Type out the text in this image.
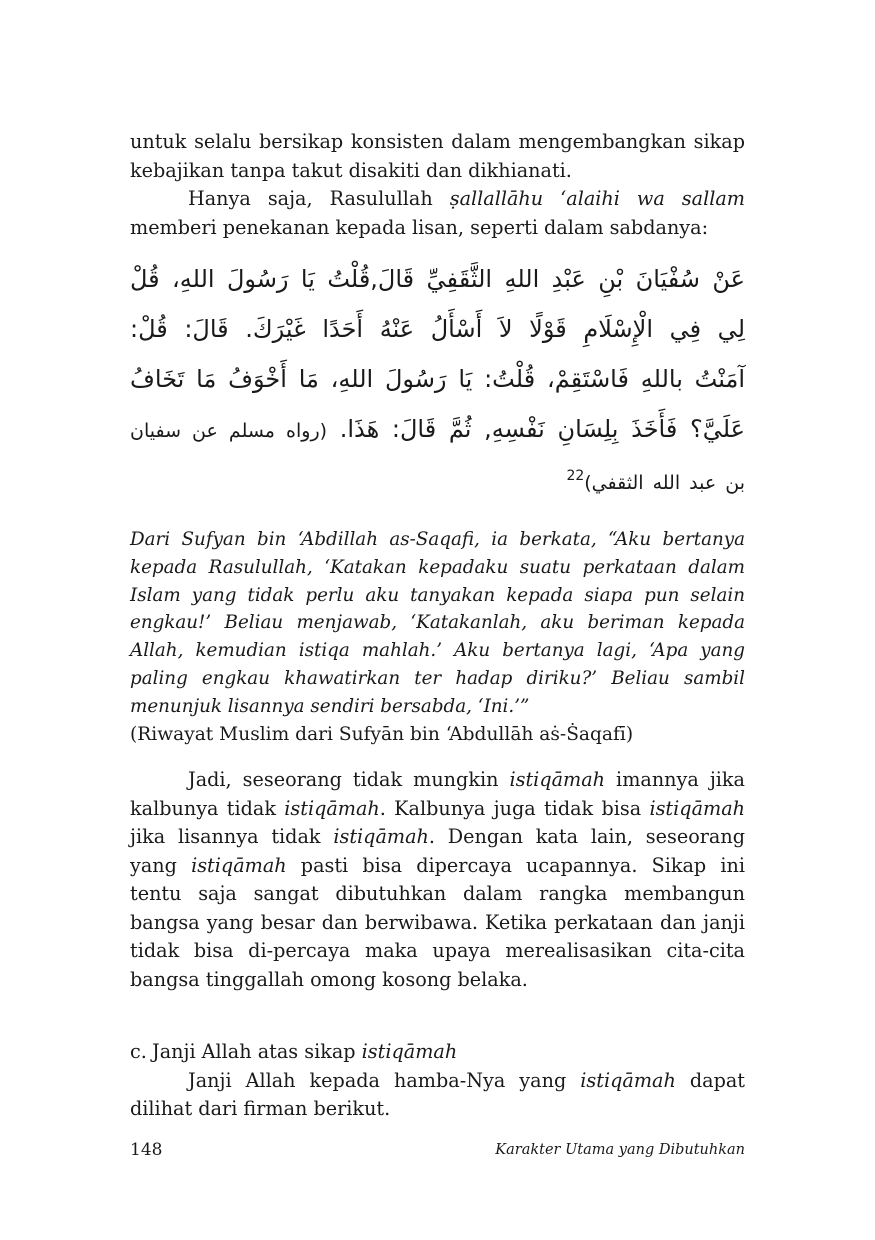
untuk selalu bersikap konsisten dalam mengembangkan sikap kebajikan tanpa takut disakiti dan dikhianati.

Hanya saja, Rasulullah ṣallallāhu ‘alaihi wa sallam memberi penekanan kepada lisan, seperti dalam sabdanya:

عَنْ سُفْيَانَ بْنِ عَبْدِ اللهِ الثَّقَفِيِّ قَالَ,قُلْتُ يَا رَسُولَ اللهِ، قُلْ لِي فِي الْإِسْلَامِ قَوْلًا لاَ أَسْأَلُ عَنْهُ أَحَدًا غَيْرَكَ. قَالَ: قُلْ: آمَنْتُ باللهِ فَاسْتَقِمْ، قُلْتُ: يَا رَسُولَ اللهِ، مَا أَخْوَفُ مَا تَخَافُ عَلَيَّ؟ فَأَخَذَ بِلِسَانِ نَفْسِهِ, ثُمَّ قَالَ: هَذَا. (رواه مسلم عن سفيان بن عبد الله الثقفي)$^{22}$

Dari Sufyan bin ‘Abdillah as-Saqafi, ia berkata, “Aku bertanya kepada Rasulullah, ‘Katakan kepadaku suatu perkataan dalam Islam yang tidak perlu aku tanyakan kepada siapa pun selain engkau!’ Beliau menjawab, ‘Katakanlah, aku beriman kepada Allah, kemudian istiqa mahlah.’ Aku bertanya lagi, ‘Apa yang paling engkau khawatirkan ter hadap diriku?’ Beliau sambil menunjuk lisannya sendiri bersabda, ‘Ini.’”
(Riwayat Muslim dari Sufyān bin ‘Abdullāh aṡ-Ṡaqafī)

Jadi, seseorang tidak mungkin istiqāmah imannya jika kalbunya tidak istiqāmah. Kalbunya juga tidak bisa istiqāmah jika lisannya tidak istiqāmah. Dengan kata lain, seseorang yang istiqāmah pasti bisa dipercaya ucapannya. Sikap ini tentu saja sangat dibutuhkan dalam rangka membangun bangsa yang besar dan berwibawa. Ketika perkataan dan janji tidak bisa di-percaya maka upaya merealisasikan cita-cita bangsa tinggallah omong kosong belaka.

c. Janji Allah atas sikap istiqāmah

Janji Allah kepada hamba-Nya yang istiqāmah dapat dilihat dari firman berikut.

148	Karakter Utama yang Dibutuhkan
